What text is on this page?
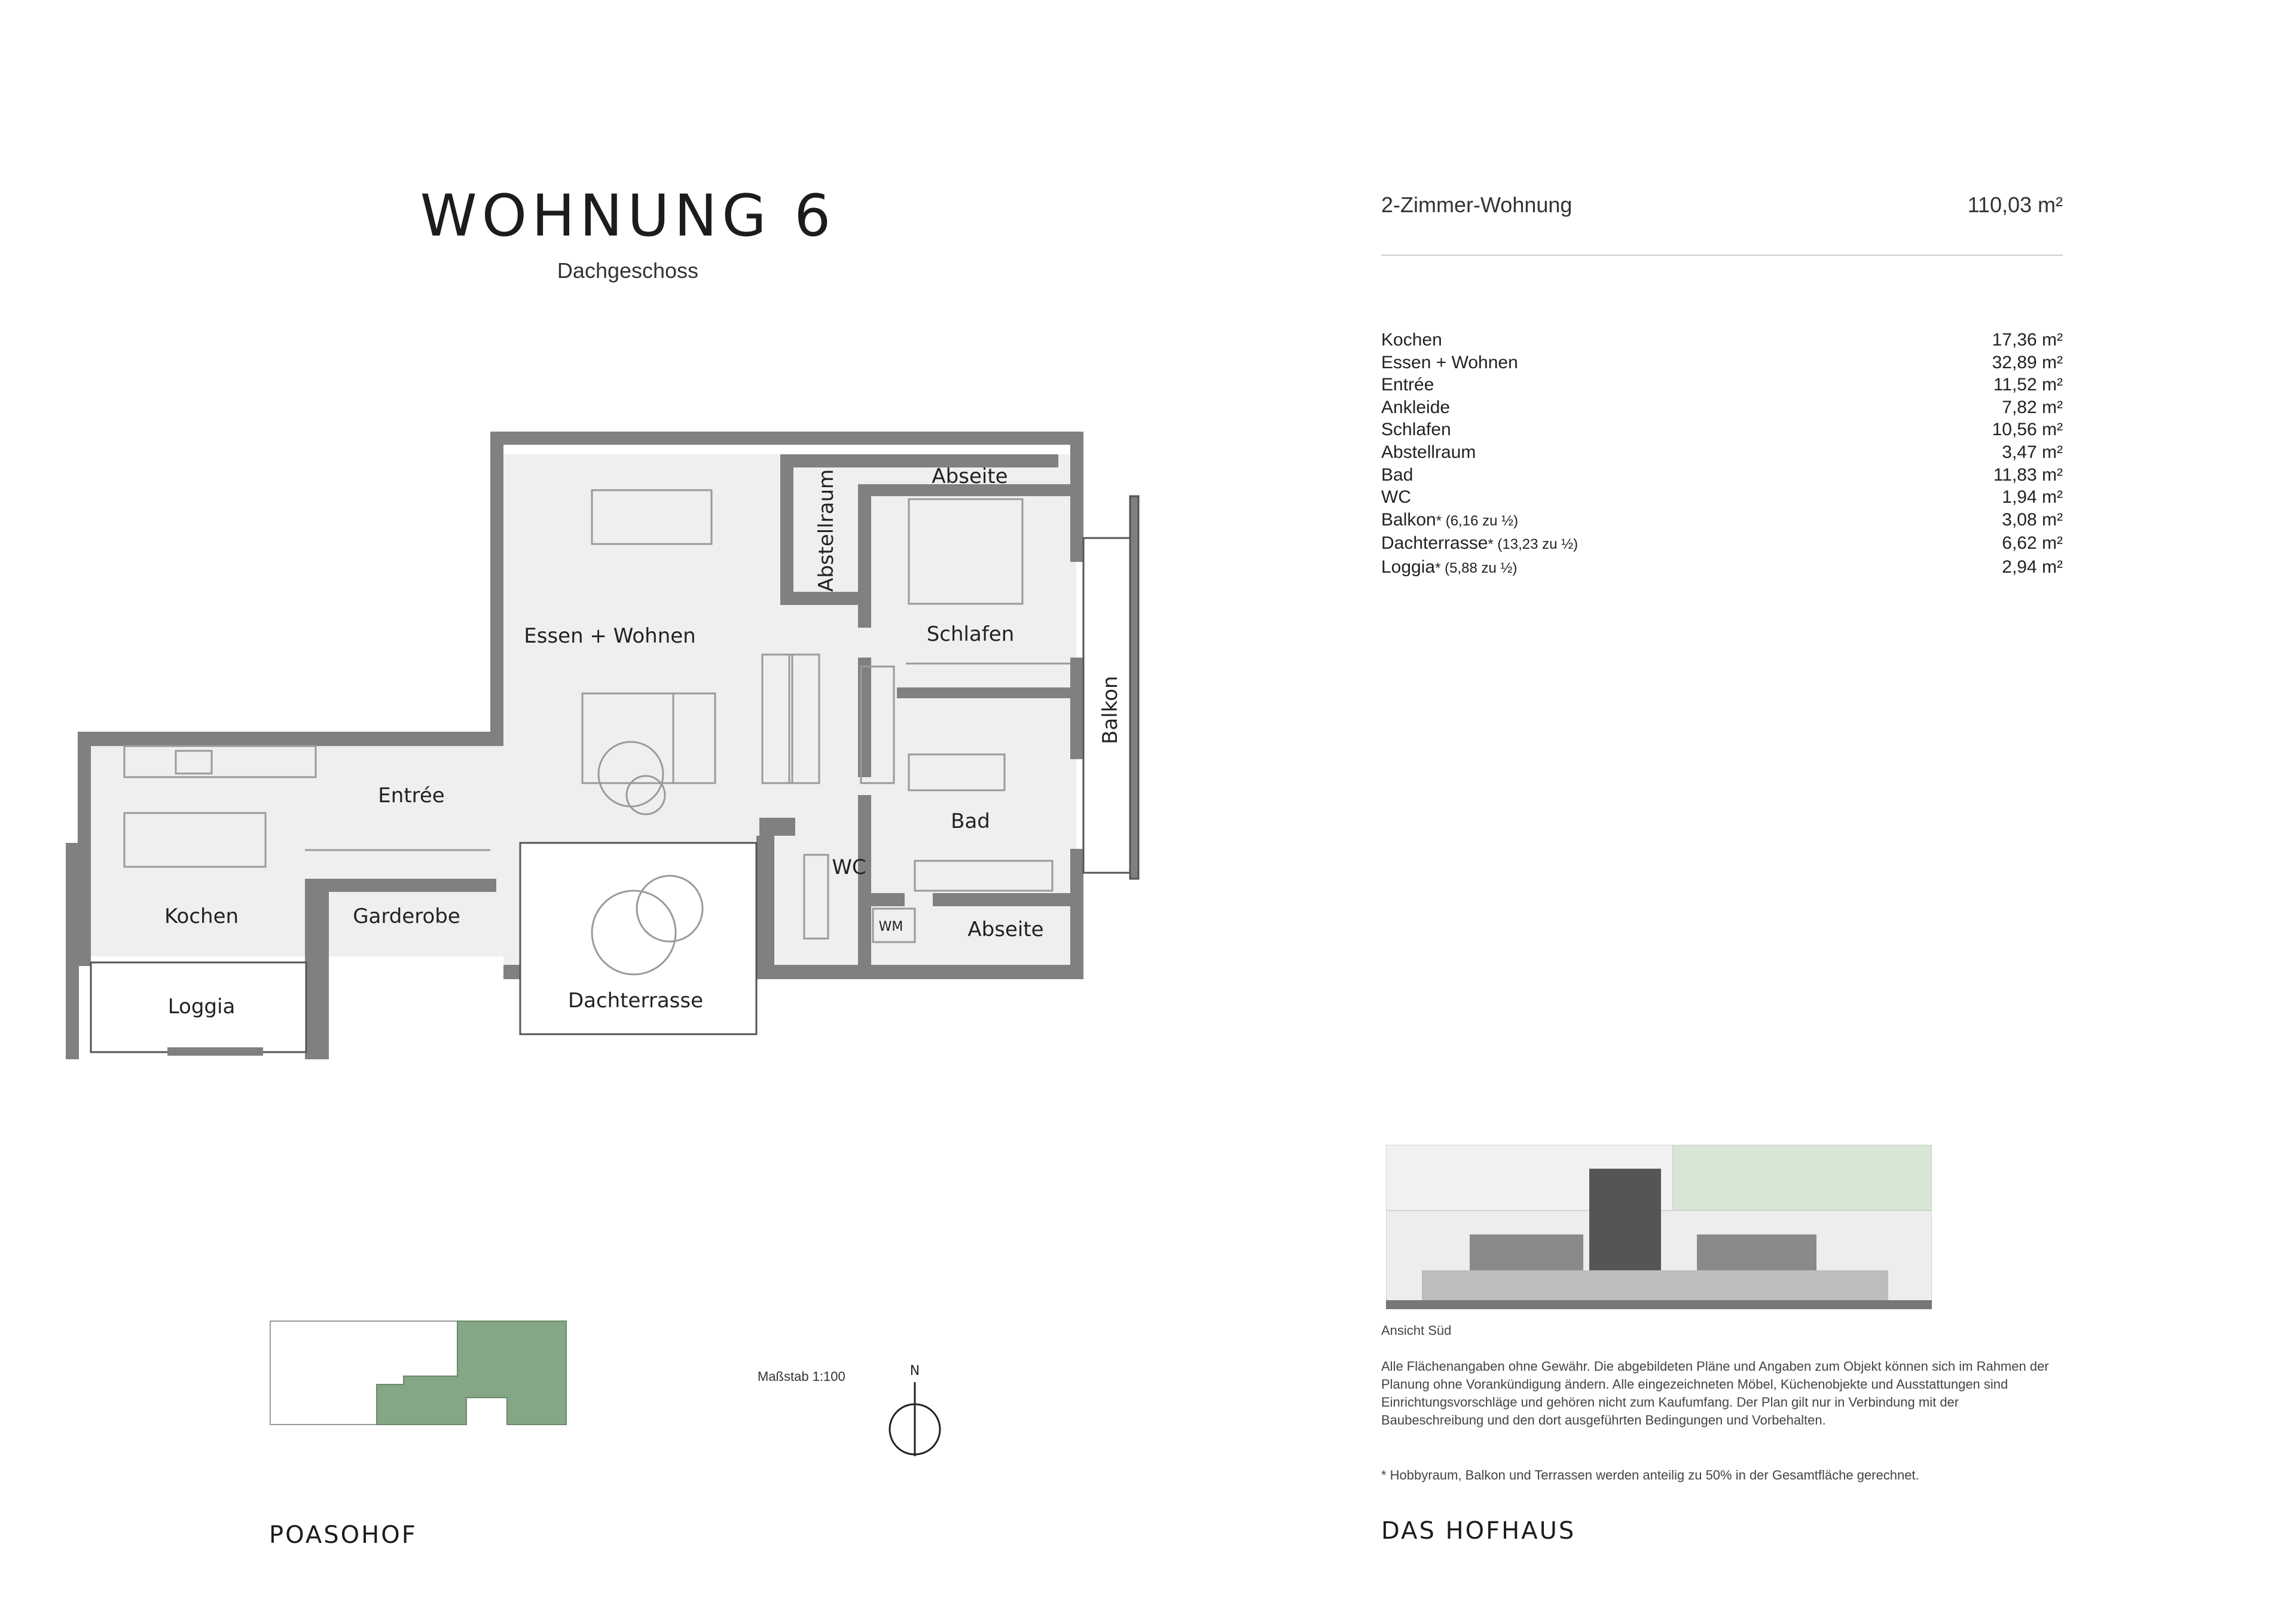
WOHNUNG 6
Dachgeschoss
2-Zimmer-Wohnung	110,03 m²
Kochen	17,36 m²
Essen + Wohnen	32,89 m²
Entrée	11,52 m²
Ankleide	7,82 m²
Schlafen	10,56 m²
Abstellraum	3,47 m²
Bad	11,83 m²
WC	1,94 m²
Balkon* (6,16 zu ½)	3,08 m²
Dachterrasse* (13,23 zu ½)	6,62 m²
Loggia* (5,88 zu ½)	2,94 m²
Essen + Wohnen	Schlafen
Abseite
Abstellraum
Balkon
Entrée
Bad
WC
WM	Abseite
Kochen	Garderobe
Loggia	Dachterrasse
Maßstab 1:100	N
Ansicht Süd
Alle Flächenangaben ohne Gewähr. Die abgebildeten Pläne und Angaben zum Objekt können sich im Rahmen der Planung ohne Vorankündigung ändern. Alle eingezeichneten Möbel, Küchenobjekte und Ausstattungen sind Einrichtungsvorschläge und gehören nicht zum Kaufumfang. Der Plan gilt nur in Verbindung mit der Baubeschreibung und den dort ausgeführten Bedingungen und Vorbehalten.
* Hobbyraum, Balkon und Terrassen werden anteilig zu 50% in der Gesamtfläche gerechnet.
POASOHOF	DAS HOFHAUS
